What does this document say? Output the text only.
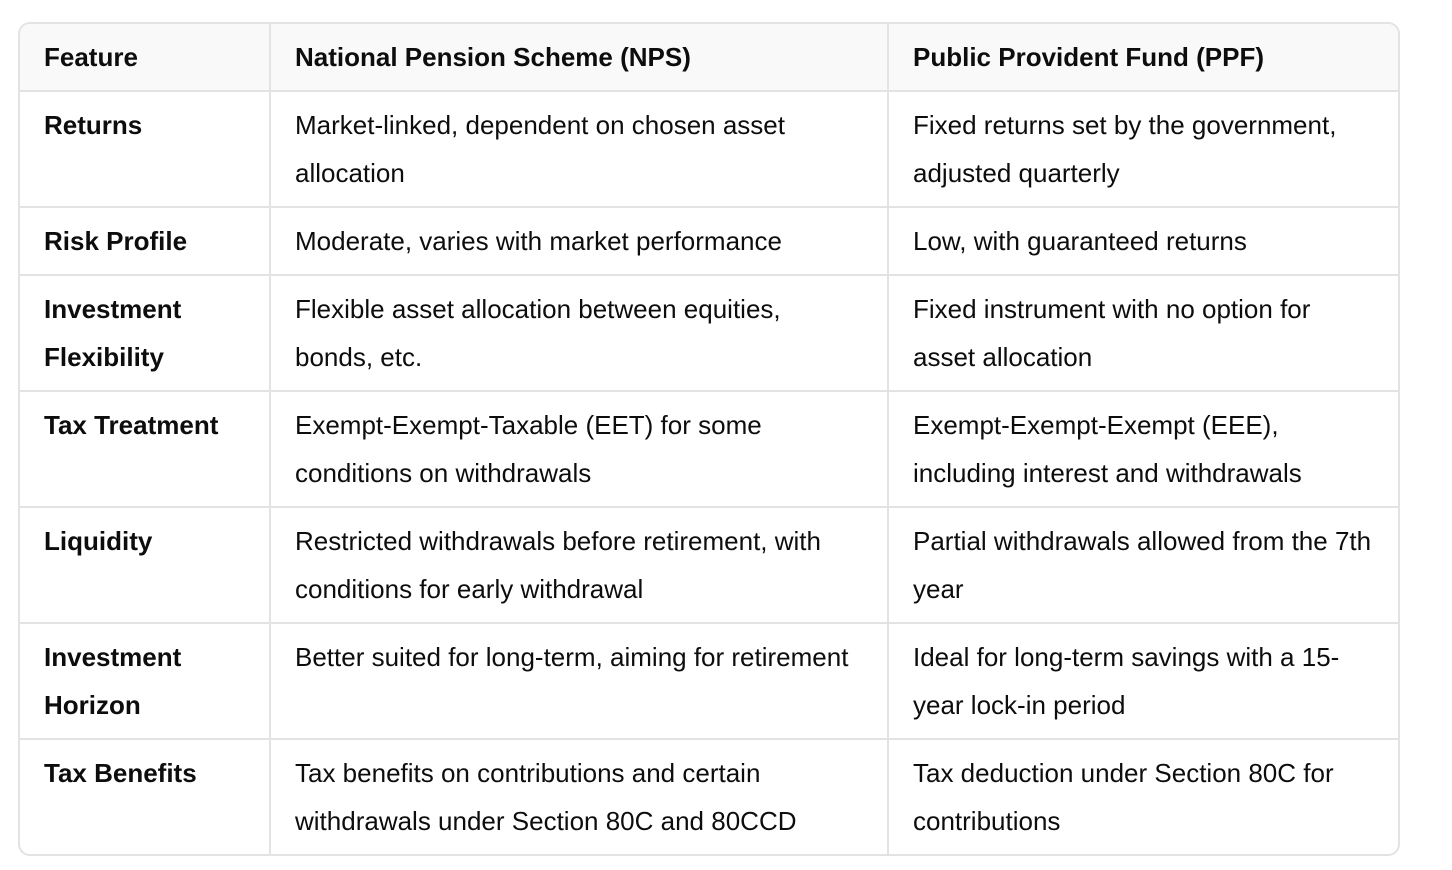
Feature	National Pension Scheme (NPS)	Public Provident Fund (PPF)
Returns	Market-linked, dependent on chosen asset allocation	Fixed returns set by the government, adjusted quarterly
Risk Profile	Moderate, varies with market performance	Low, with guaranteed returns
Investment Flexibility	Flexible asset allocation between equities, bonds, etc.	Fixed instrument with no option for asset allocation
Tax Treatment	Exempt-Exempt-Taxable (EET) for some conditions on withdrawals	Exempt-Exempt-Exempt (EEE), including interest and withdrawals
Liquidity	Restricted withdrawals before retirement, with conditions for early withdrawal	Partial withdrawals allowed from the 7th year
Investment Horizon	Better suited for long-term, aiming for retirement	Ideal for long-term savings with a 15-year lock-in period
Tax Benefits	Tax benefits on contributions and certain withdrawals under Section 80C and 80CCD	Tax deduction under Section 80C for contributions
